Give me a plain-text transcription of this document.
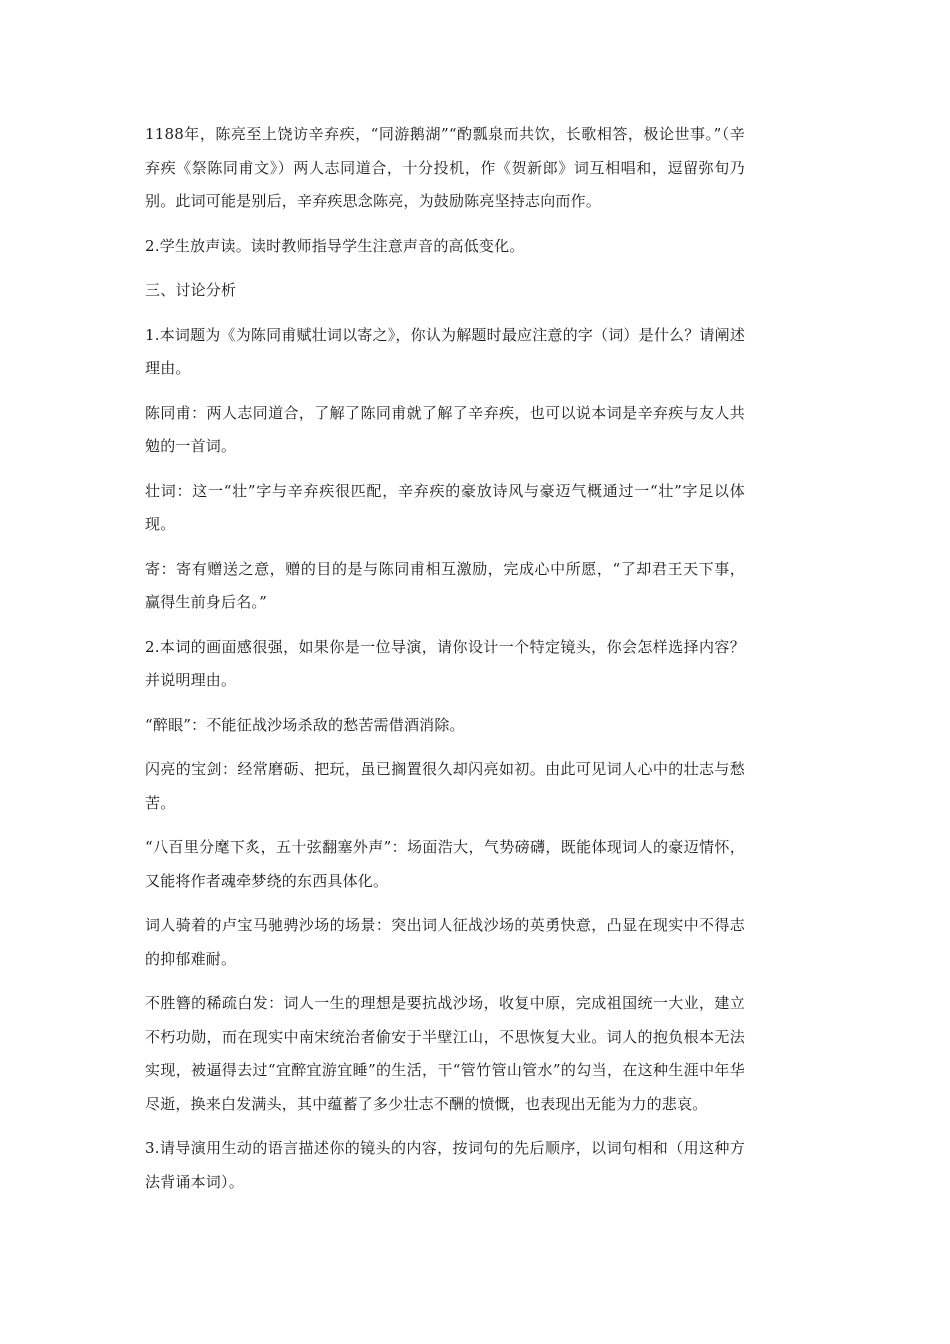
1188年，陈亮至上饶访辛弃疾，“同游鹅湖”“酌瓢泉而共饮，长歌相答，极论世事。”（辛弃疾《祭陈同甫文》）两人志同道合，十分投机，作《贺新郎》词互相唱和，逗留弥旬乃别。此词可能是别后，辛弃疾思念陈亮，为鼓励陈亮坚持志向而作。

2.学生放声读。读时教师指导学生注意声音的高低变化。

三、讨论分析

1.本词题为《为陈同甫赋壮词以寄之》，你认为解题时最应注意的字（词）是什么？请阐述理由。

陈同甫：两人志同道合，了解了陈同甫就了解了辛弃疾，也可以说本词是辛弃疾与友人共勉的一首词。

壮词：这一“壮”字与辛弃疾很匹配，辛弃疾的豪放诗风与豪迈气概通过一“壮”字足以体现。

寄：寄有赠送之意，赠的目的是与陈同甫相互激励，完成心中所愿，“了却君王天下事，赢得生前身后名。”

2.本词的画面感很强，如果你是一位导演，请你设计一个特定镜头，你会怎样选择内容？并说明理由。

“醉眼”：不能征战沙场杀敌的愁苦需借酒消除。

闪亮的宝剑：经常磨砺、把玩，虽已搁置很久却闪亮如初。由此可见词人心中的壮志与愁苦。

“八百里分麾下炙，五十弦翻塞外声”：场面浩大，气势磅礴，既能体现词人的豪迈情怀，又能将作者魂牵梦绕的东西具体化。

词人骑着的卢宝马驰骋沙场的场景：突出词人征战沙场的英勇快意，凸显在现实中不得志的抑郁难耐。

不胜簪的稀疏白发：词人一生的理想是要抗战沙场，收复中原，完成祖国统一大业，建立不朽功勋，而在现实中南宋统治者偷安于半壁江山，不思恢复大业。词人的抱负根本无法实现，被逼得去过“宜醉宜游宜睡”的生活，干“管竹管山管水”的勾当，在这种生涯中年华尽逝，换来白发满头，其中蕴蓄了多少壮志不酬的愤慨，也表现出无能为力的悲哀。

3.请导演用生动的语言描述你的镜头的内容，按词句的先后顺序，以词句相和（用这种方法背诵本词）。
